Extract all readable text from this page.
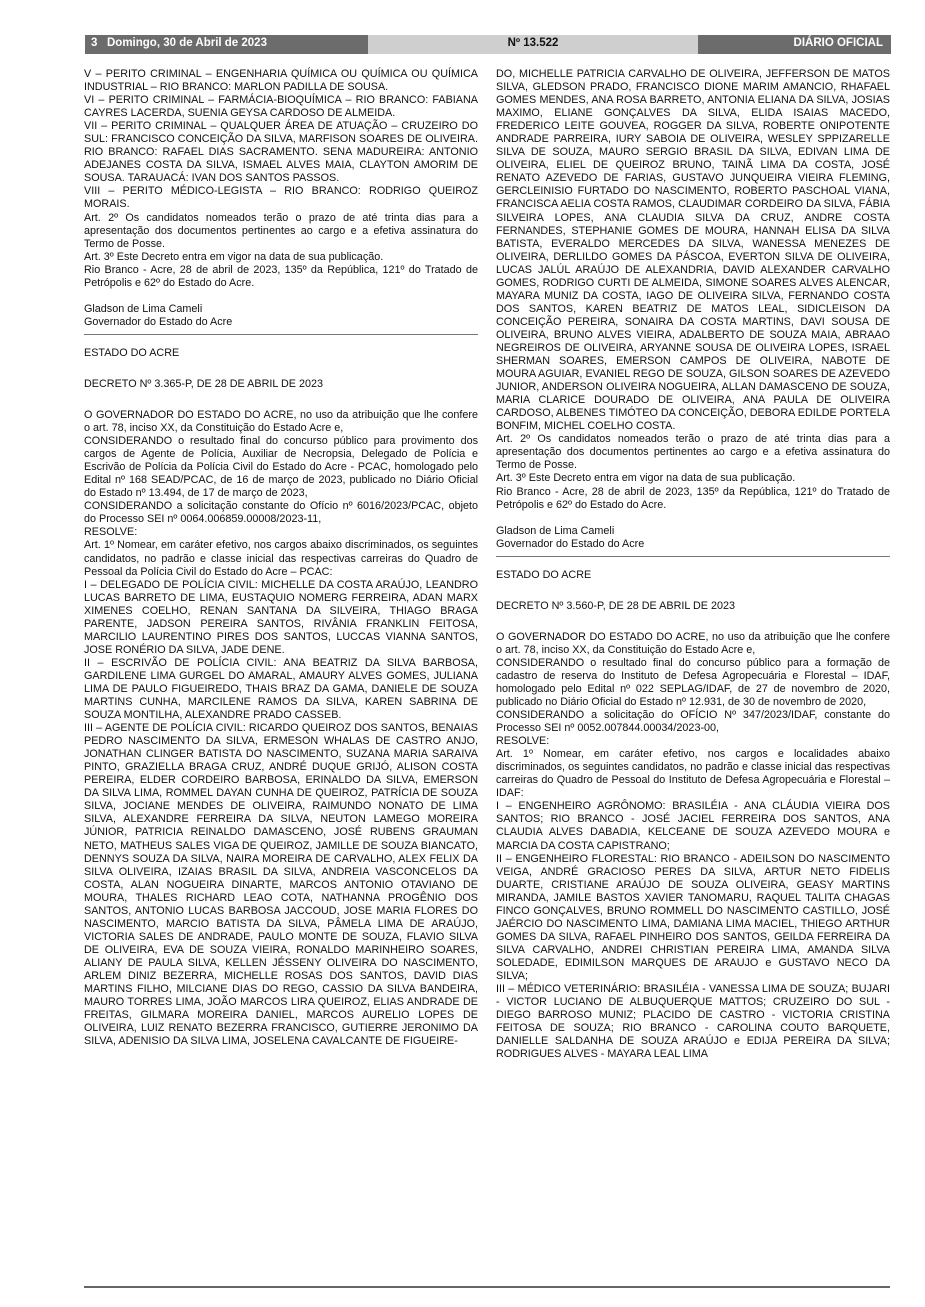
3 Domingo, 30 de Abril de 2023	Nº 13.522	DIÁRIO OFICIAL

V – PERITO CRIMINAL – ENGENHARIA QUÍMICA OU QUÍMICA OU QUÍMICA INDUSTRIAL – RIO BRANCO: MARLON PADILLA DE SOUSA.

VI – PERITO CRIMINAL – FARMÁCIA-BIOQUÍMICA – RIO BRANCO: FABIANA CAYRES LACERDA, SUENIA GEYSA CARDOSO DE ALMEIDA.

VII – PERITO CRIMINAL – QUALQUER ÁREA DE ATUAÇÃO – CRUZEIRO DO SUL: FRANCISCO CONCEIÇÃO DA SILVA, MARFISON SOARES DE OLIVEIRA. RIO BRANCO: RAFAEL DIAS SACRAMENTO. SENA MADUREIRA: ANTONIO ADEJANES COSTA DA SILVA, ISMAEL ALVES MAIA, CLAYTON AMORIM DE SOUSA. TARAUACÁ: IVAN DOS SANTOS PASSOS.

VIII – PERITO MÉDICO-LEGISTA – RIO BRANCO: RODRIGO QUEIROZ MORAIS.

Art. 2º Os candidatos nomeados terão o prazo de até trinta dias para a apresentação dos documentos pertinentes ao cargo e a efetiva assinatura do Termo de Posse.

Art. 3º Este Decreto entra em vigor na data de sua publicação.

Rio Branco - Acre, 28 de abril de 2023, 135º da República, 121º do Tratado de Petrópolis e 62º do Estado do Acre.

Gladson de Lima Cameli

Governador do Estado do Acre

ESTADO DO ACRE

DECRETO Nº 3.365-P, DE 28 DE ABRIL DE 2023

O GOVERNADOR DO ESTADO DO ACRE, no uso da atribuição que lhe confere o art. 78, inciso XX, da Constituição do Estado Acre e,

CONSIDERANDO o resultado final do concurso público para provimento dos cargos de Agente de Polícia, Auxiliar de Necropsia, Delegado de Polícia e Escrivão de Polícia da Polícia Civil do Estado do Acre - PCAC, homologado pelo Edital nº 168 SEAD/PCAC, de 16 de março de 2023, publicado no Diário Oficial do Estado nº 13.494, de 17 de março de 2023,

CONSIDERANDO a solicitação constante do Ofício nº 6016/2023/PCAC, objeto do Processo SEI nº 0064.006859.00008/2023-11,

RESOLVE:

Art. 1º Nomear, em caráter efetivo, nos cargos abaixo discriminados, os seguintes candidatos, no padrão e classe inicial das respectivas carreiras do Quadro de Pessoal da Polícia Civil do Estado do Acre – PCAC:

I – DELEGADO DE POLÍCIA CIVIL: MICHELLE DA COSTA ARAÚJO, LEANDRO LUCAS BARRETO DE LIMA, EUSTAQUIO NOMERG FERREIRA, ADAN MARX XIMENES COELHO, RENAN SANTANA DA SILVEIRA, THIAGO BRAGA PARENTE, JADSON PEREIRA SANTOS, RIVÂNIA FRANKLIN FEITOSA, MARCILIO LAURENTINO PIRES DOS SANTOS, LUCCAS VIANNA SANTOS, JOSE RONÉRIO DA SILVA, JADE DENE.

II – ESCRIVÃO DE POLÍCIA CIVIL: ANA BEATRIZ DA SILVA BARBOSA, GARDILENE LIMA GURGEL DO AMARAL, AMAURY ALVES GOMES, JULIANA LIMA DE PAULO FIGUEIREDO, THAIS BRAZ DA GAMA, DANIELE DE SOUZA MARTINS CUNHA, MARCILENE RAMOS DA SILVA, KAREN SABRINA DE SOUZA MONTILHA, ALEXANDRE PRADO CASSEB.

III – AGENTE DE POLÍCIA CIVIL: RICARDO QUEIROZ DOS SANTOS, BENAIAS PEDRO NASCIMENTO DA SILVA, ERMESON WHALAS DE CASTRO ANJO, JONATHAN CLINGER BATISTA DO NASCIMENTO, SUZANA MARIA SARAIVA PINTO, GRAZIELLA BRAGA CRUZ, ANDRÉ DUQUE GRIJÓ, ALISON COSTA PEREIRA, ELDER CORDEIRO BARBOSA, ERINALDO DA SILVA, EMERSON DA SILVA LIMA, ROMMEL DAYAN CUNHA DE QUEIROZ, PATRÍCIA DE SOUZA SILVA, JOCIANE MENDES DE OLIVEIRA, RAIMUNDO NONATO DE LIMA SILVA, ALEXANDRE FERREIRA DA SILVA, NEUTON LAMEGO MOREIRA JÚNIOR, PATRICIA REINALDO DAMASCENO, JOSÉ RUBENS GRAUMAN NETO, MATHEUS SALES VIGA DE QUEIROZ, JAMILLE DE SOUZA BIANCATO, DENNYS SOUZA DA SILVA, NAIRA MOREIRA DE CARVALHO, ALEX FELIX DA SILVA OLIVEIRA, IZAIAS BRASIL DA SILVA, ANDREIA VASCONCELOS DA COSTA, ALAN NOGUEIRA DINARTE, MARCOS ANTONIO OTAVIANO DE MOURA, THALES RICHARD LEAO COTA, NATHANNA PROGÊNIO DOS SANTOS, ANTONIO LUCAS BARBOSA JACCOUD, JOSE MARIA FLORES DO NASCIMENTO, MARCIO BATISTA DA SILVA, PÂMELA LIMA DE ARAÚJO, VICTORIA SALES DE ANDRADE, PAULO MONTE DE SOUZA, FLAVIO SILVA DE OLIVEIRA, EVA DE SOUZA VIEIRA, RONALDO MARINHEIRO SOARES, ALIANY DE PAULA SILVA, KELLEN JÉSSENY OLIVEIRA DO NASCIMENTO, ARLEM DINIZ BEZERRA, MICHELLE ROSAS DOS SANTOS, DAVID DIAS MARTINS FILHO, MILCIANE DIAS DO REGO, CASSIO DA SILVA BANDEIRA, MAURO TORRES LIMA, JOÃO MARCOS LIRA QUEIROZ, ELIAS ANDRADE DE FREITAS, GILMARA MOREIRA DANIEL, MARCOS AURELIO LOPES DE OLIVEIRA, LUIZ RENATO BEZERRA FRANCISCO, GUTIERRE JERONIMO DA SILVA, ADENISIO DA SILVA LIMA, JOSELENA CAVALCANTE DE FIGUEIRE-

DO, MICHELLE PATRICIA CARVALHO DE OLIVEIRA, JEFFERSON DE MATOS SILVA, GLEDSON PRADO, FRANCISCO DIONE MARIM AMANCIO, RHAFAEL GOMES MENDES, ANA ROSA BARRETO, ANTONIA ELIANA DA SILVA, JOSIAS MAXIMO, ELIANE GONÇALVES DA SILVA, ELIDA ISAIAS MACEDO, FREDERICO LEITE GOUVEA, ROGGER DA SILVA, ROBERTE ONIPOTENTE ANDRADE PARREIRA, IURY SABOIA DE OLIVEIRA, WESLEY SPPIZARELLE SILVA DE SOUZA, MAURO SERGIO BRASIL DA SILVA, EDIVAN LIMA DE OLIVEIRA, ELIEL DE QUEIROZ BRUNO, TAINÃ LIMA DA COSTA, JOSÉ RENATO AZEVEDO DE FARIAS, GUSTAVO JUNQUEIRA VIEIRA FLEMING, GERCLEINISIO FURTADO DO NASCIMENTO, ROBERTO PASCHOAL VIANA, FRANCISCA AELIA COSTA RAMOS, CLAUDIMAR CORDEIRO DA SILVA, FÁBIA SILVEIRA LOPES, ANA CLAUDIA SILVA DA CRUZ, ANDRE COSTA FERNANDES, STEPHANIE GOMES DE MOURA, HANNAH ELISA DA SILVA BATISTA, EVERALDO MERCEDES DA SILVA, WANESSA MENEZES DE OLIVEIRA, DERLILDO GOMES DA PÁSCOA, EVERTON SILVA DE OLIVEIRA, LUCAS JALÚL ARAÚJO DE ALEXANDRIA, DAVID ALEXANDER CARVALHO GOMES, RODRIGO CURTI DE ALMEIDA, SIMONE SOARES ALVES ALENCAR, MAYARA MUNIZ DA COSTA, IAGO DE OLIVEIRA SILVA, FERNANDO COSTA DOS SANTOS, KAREN BEATRIZ DE MATOS LEAL, SIDICLEISON DA CONCEIÇÃO PEREIRA, SONAIRA DA COSTA MARTINS, DAVI SOUSA DE OLIVEIRA, BRUNO ALVES VIEIRA, ADALBERTO DE SOUZA MAIA, ABRAAO NEGREIROS DE OLIVEIRA, ARYANNE SOUSA DE OLIVEIRA LOPES, ISRAEL SHERMAN SOARES, EMERSON CAMPOS DE OLIVEIRA, NABOTE DE MOURA AGUIAR, EVANIEL REGO DE SOUZA, GILSON SOARES DE AZEVEDO JUNIOR, ANDERSON OLIVEIRA NOGUEIRA, ALLAN DAMASCENO DE SOUZA, MARIA CLARICE DOURADO DE OLIVEIRA, ANA PAULA DE OLIVEIRA CARDOSO, ALBENES TIMÓTEO DA CONCEIÇÃO, DEBORA EDILDE PORTELA BONFIM, MICHEL COELHO COSTA.

Art. 2º Os candidatos nomeados terão o prazo de até trinta dias para a apresentação dos documentos pertinentes ao cargo e a efetiva assinatura do Termo de Posse.

Art. 3º Este Decreto entra em vigor na data de sua publicação.

Rio Branco - Acre, 28 de abril de 2023, 135º da República, 121º do Tratado de Petrópolis e 62º do Estado do Acre.

Gladson de Lima Cameli

Governador do Estado do Acre

ESTADO DO ACRE

DECRETO Nº 3.560-P, DE 28 DE ABRIL DE 2023

O GOVERNADOR DO ESTADO DO ACRE, no uso da atribuição que lhe confere o art. 78, inciso XX, da Constituição do Estado Acre e,

CONSIDERANDO o resultado final do concurso público para a formação de cadastro de reserva do Instituto de Defesa Agropecuária e Florestal – IDAF, homologado pelo Edital nº 022 SEPLAG/IDAF, de 27 de novembro de 2020, publicado no Diário Oficial do Estado nº 12.931, de 30 de novembro de 2020,

CONSIDERANDO a solicitação do OFÍCIO Nº 347/2023/IDAF, constante do Processo SEI nº 0052.007844.00034/2023-00,

RESOLVE:

Art. 1º Nomear, em caráter efetivo, nos cargos e localidades abaixo discriminados, os seguintes candidatos, no padrão e classe inicial das respectivas carreiras do Quadro de Pessoal do Instituto de Defesa Agropecuária e Florestal – IDAF:

I – ENGENHEIRO AGRÔNOMO: BRASILÉIA - ANA CLÁUDIA VIEIRA DOS SANTOS; RIO BRANCO - JOSÉ JACIEL FERREIRA DOS SANTOS, ANA CLAUDIA ALVES DABADIA, KELCEANE DE SOUZA AZEVEDO MOURA e MARCIA DA COSTA CAPISTRANO;

II – ENGENHEIRO FLORESTAL: RIO BRANCO - ADEILSON DO NASCIMENTO VEIGA, ANDRÉ GRACIOSO PERES DA SILVA, ARTUR NETO FIDELIS DUARTE, CRISTIANE ARAÚJO DE SOUZA OLIVEIRA, GEASY MARTINS MIRANDA, JAMILE BASTOS XAVIER TANOMARU, RAQUEL TALITA CHAGAS FINCO GONÇALVES, BRUNO ROMMELL DO NASCIMENTO CASTILLO, JOSÉ JAÉRCIO DO NASCIMENTO LIMA, DAMIANA LIMA MACIEL, THIEGO ARTHUR GOMES DA SILVA, RAFAEL PINHEIRO DOS SANTOS, GEILDA FERREIRA DA SILVA CARVALHO, ANDREI CHRISTIAN PEREIRA LIMA, AMANDA SILVA SOLEDADE, EDIMILSON MARQUES DE ARAUJO e GUSTAVO NECO DA SILVA;

III – MÉDICO VETERINÁRIO: BRASILÉIA - VANESSA LIMA DE SOUZA; BUJARI - VICTOR LUCIANO DE ALBUQUERQUE MATTOS; CRUZEIRO DO SUL - DIEGO BARROSO MUNIZ; PLACIDO DE CASTRO - VICTORIA CRISTINA FEITOSA DE SOUZA; RIO BRANCO - CAROLINA COUTO BARQUETE, DANIELLE SALDANHA DE SOUZA ARAÚJO e EDIJA PEREIRA DA SILVA; RODRIGUES ALVES - MAYARA LEAL LIMA
